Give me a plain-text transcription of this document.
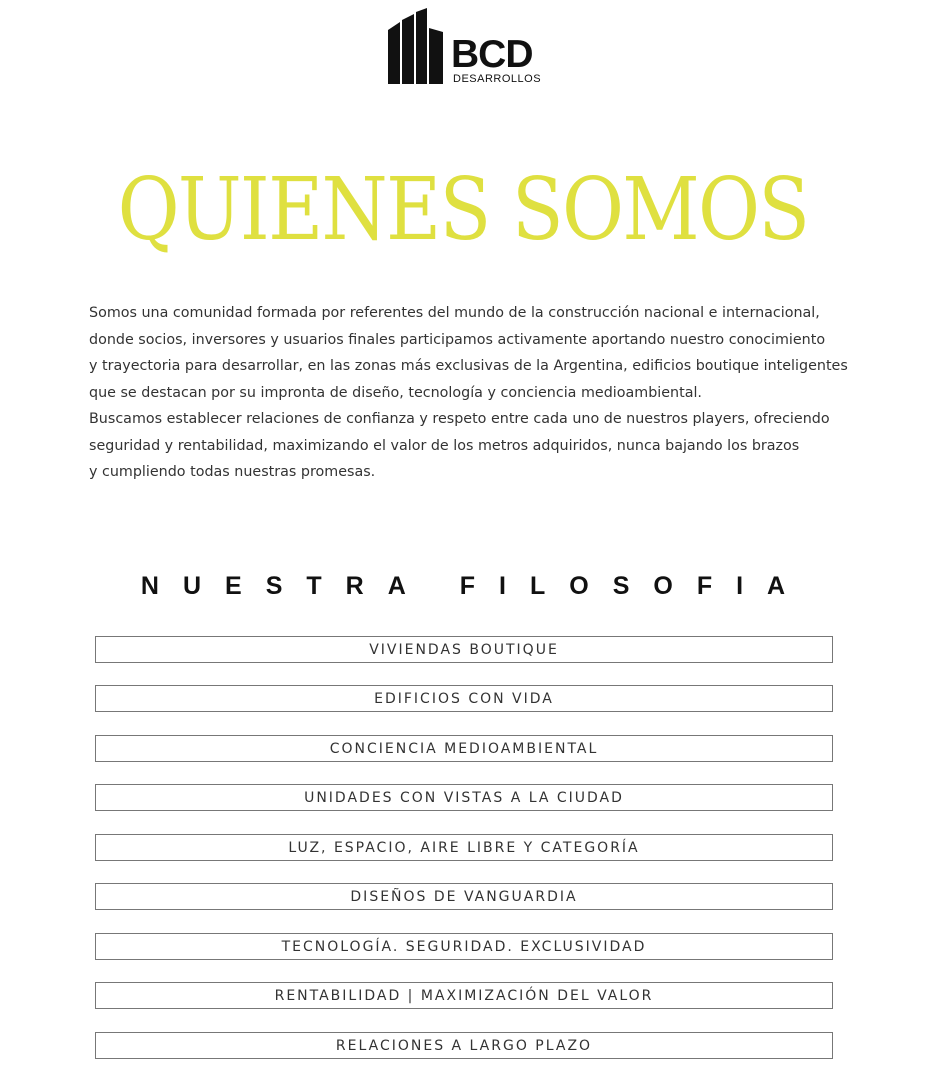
BCD
DESARROLLOS
QUIENES SOMOS

Somos una comunidad formada por referentes del mundo de la construcción nacional e internacional,

donde socios, inversores y usuarios finales participamos activamente aportando nuestro conocimiento

y trayectoria para desarrollar, en las zonas más exclusivas de la Argentina, edificios boutique inteligentes

que se destacan por su impronta de diseño, tecnología y conciencia medioambiental.

Buscamos establecer relaciones de confianza y respeto entre cada uno de nuestros players, ofreciendo

seguridad y rentabilidad, maximizando el valor de los metros adquiridos, nunca bajando los brazos

y cumpliendo todas nuestras promesas.

NUESTRA FILOSOFIA
VIVIENDAS BOUTIQUE
EDIFICIOS CON VIDA
CONCIENCIA MEDIOAMBIENTAL
UNIDADES CON VISTAS A LA CIUDAD
LUZ, ESPACIO, AIRE LIBRE Y CATEGORÍA
DISEÑOS DE VANGUARDIA
TECNOLOGÍA. SEGURIDAD. EXCLUSIVIDAD
RENTABILIDAD | MAXIMIZACIÓN DEL VALOR
RELACIONES A LARGO PLAZO
